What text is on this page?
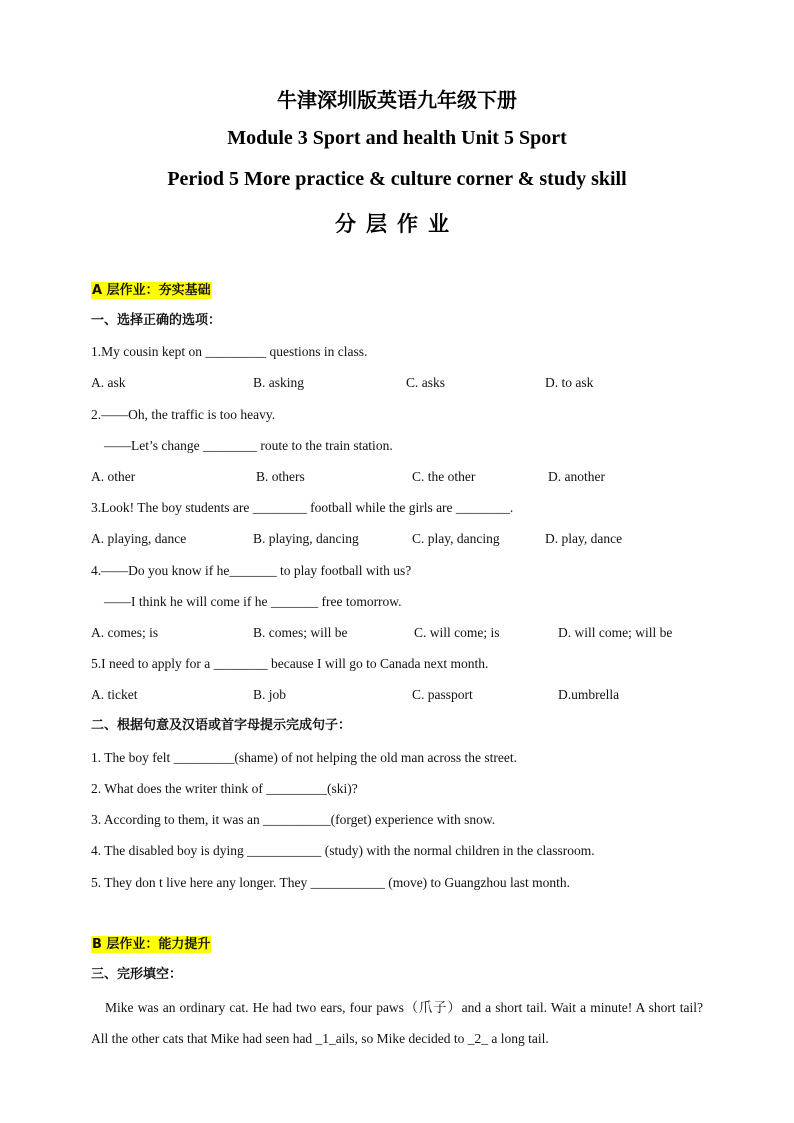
牛津深圳版英语九年级下册
Module 3 Sport and health Unit 5 Sport
Period 5 More practice & culture corner & study skill
分层作业
A 层作业：夯实基础
一、选择正确的选项：
1.My cousin kept on _________ questions in class.
A. ask	B. asking	C. asks	D. to ask
2.——Oh, the traffic is too heavy.
——Let’s change ________ route to the train station.
A. other	B. others	C. the other	D. another
3.Look! The boy students are ________ football while the girls are ________.
A. playing, dance	B. playing, dancing	C. play, dancing	D. play, dance
4.——Do you know if he_______ to play football with us?
——I think he will come if he _______ free tomorrow.
A. comes; is	B. comes; will be	C. will come; is	D. will come; will be
5.I need to apply for a ________ because I will go to Canada next month.
A. ticket	B. job	C. passport	D.umbrella
二、根据句意及汉语或首字母提示完成句子：
1. The boy felt _________(shame) of not helping the old man across the street.
2. What does the writer think of _________(ski)?
3. According to them, it was an __________(forget) experience with snow.
4. The disabled boy is dying ___________ (study) with the normal children in the classroom.
5. They don t live here any longer. They ___________ (move) to Guangzhou last month.
B 层作业：能力提升
三、完形填空：
Mike was an ordinary cat. He had two ears, four paws（爪子）and a short tail. Wait a minute! A short tail? All the other cats that Mike had seen had _1_ails, so Mike decided to _2_ a long tail.
